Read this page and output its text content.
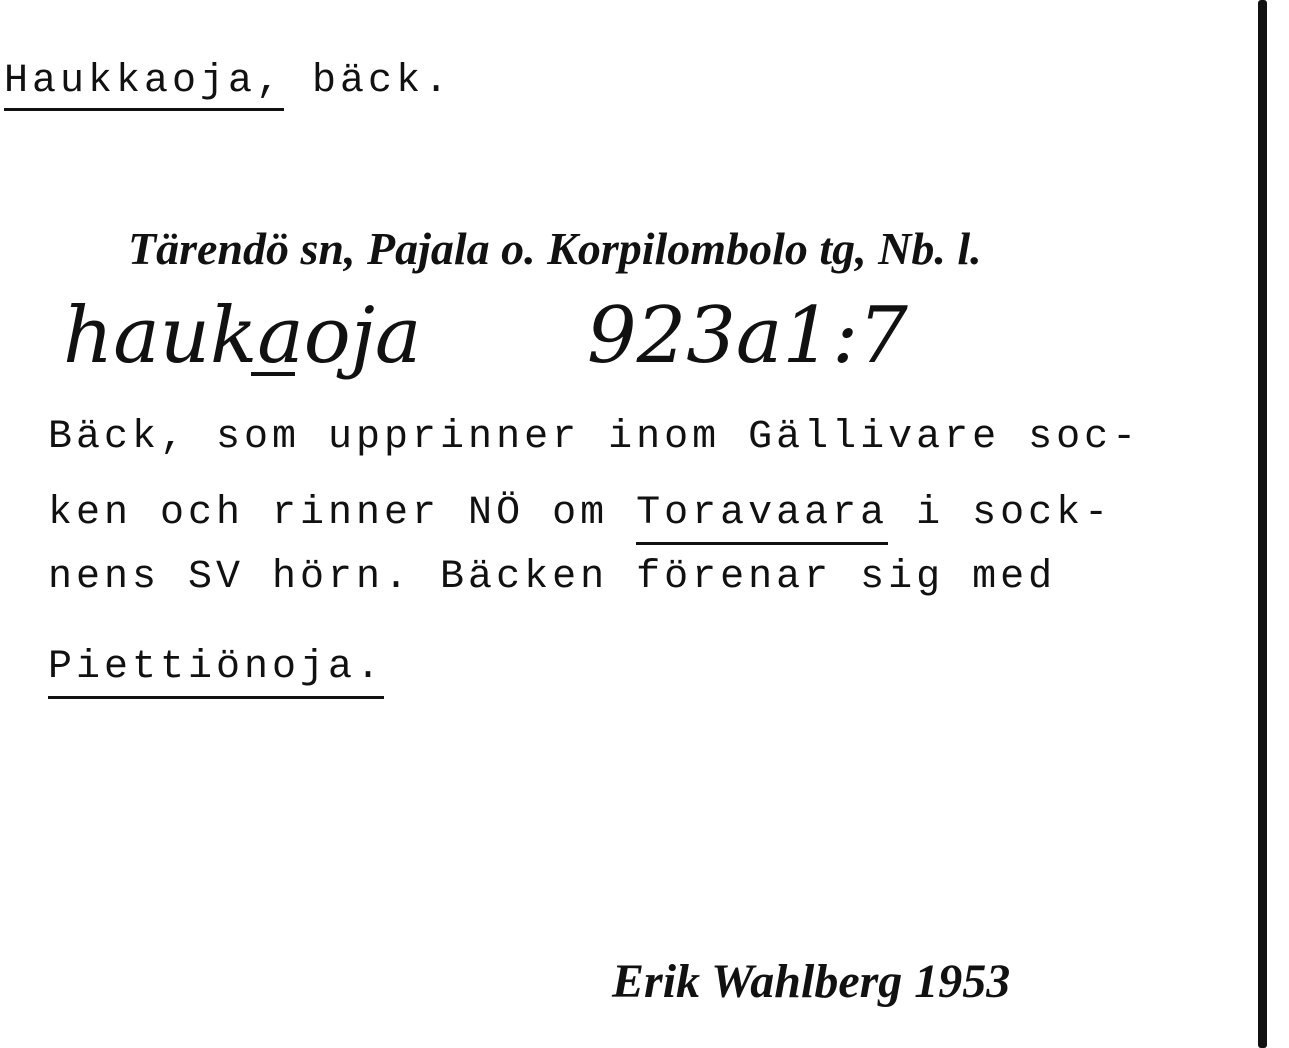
Haukkaoja, bäck.
Tärendö sn, Pajala o. Korpilombolo tg, Nb. l.
haukaoja 923a1:7
Bäck, som upprinner inom Gällivare soc-
ken och rinner NÖ om Toravaara i sock-
nens SV hörn. Bäcken förenar sig med
Piettiönoja.
Erik Wahlberg 1953
